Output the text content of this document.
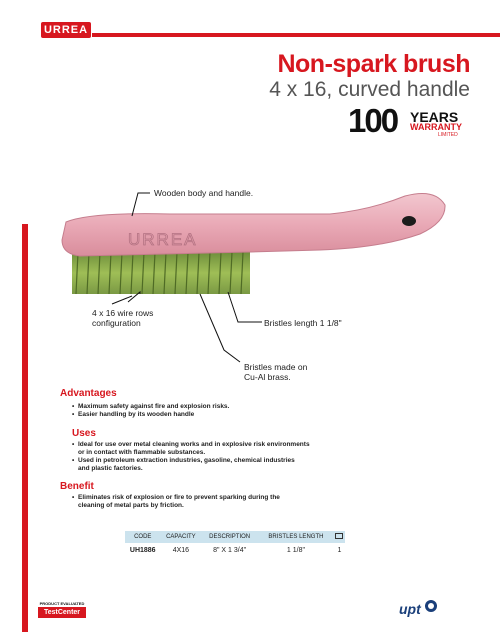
URREA
Non-spark brush
4 x 16, curved handle
100 YEARS
WARRANTY
LIMITED
URREA
Wooden body and handle.
4 x 16 wire rows
configuration	Bristles length 1 1/8"
Bristles made on
Cu-Al brass.
Advantages
• Maximum safety against fire and explosion risks.
• Easier handling by its wooden handle
Uses
• Ideal for use over metal cleaning works and in explosive risk environments
or in contact with flammable substances.
• Used in petroleum extraction industries, gasoline, chemical industries
and plastic factories.
Benefit
• Eliminates risk of explosion or fire to prevent sparking during the
cleaning of metal parts by friction.
CODE	CAPACITY	DESCRIPTION	BRISTLES LENGTH	
UH1886	4X16	8" X 1 3/4"	1 1/8"	1
PRODUCT EVALUATED
TestCenter	upt
